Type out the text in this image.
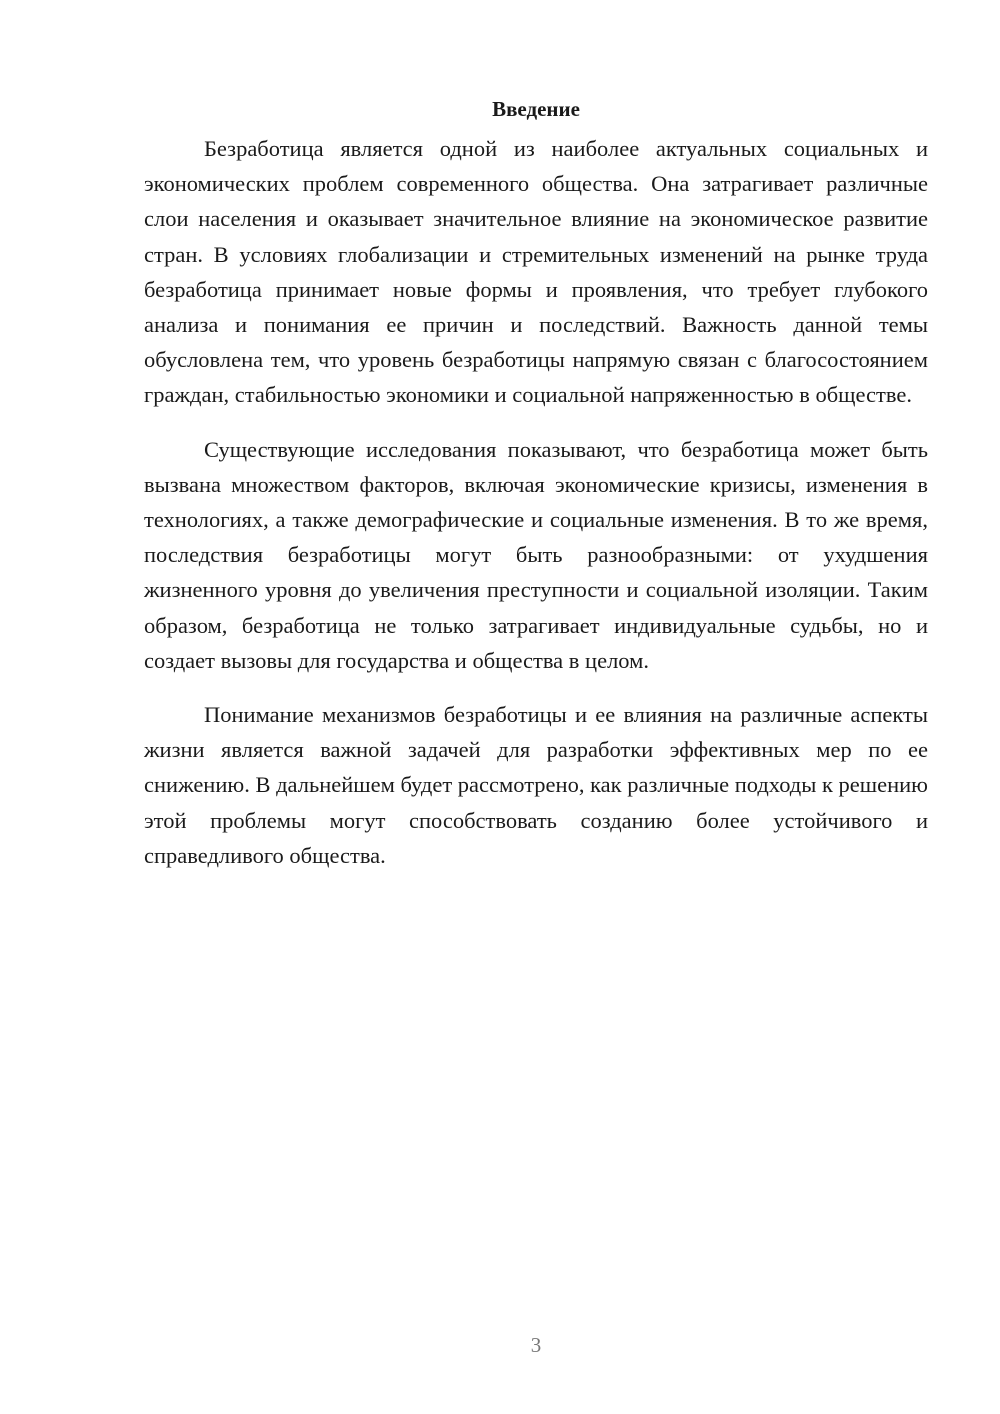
Введение

Безработица является одной из наиболее актуальных социальных и экономических проблем современного общества. Она затрагивает различные слои населения и оказывает значительное влияние на экономическое развитие стран. В условиях глобализации и стремительных изменений на рынке труда безработица принимает новые формы и проявления, что требует глубокого анализа и понимания ее причин и последствий. Важность данной темы обусловлена тем, что уровень безработицы напрямую связан с благосостоянием граждан, стабильностью экономики и социальной напряженностью в обществе.

Существующие исследования показывают, что безработица может быть вызвана множеством факторов, включая экономические кризисы, изменения в технологиях, а также демографические и социальные изменения. В то же время, последствия безработицы могут быть разнообразными: от ухудшения жизненного уровня до увеличения преступности и социальной изоляции. Таким образом, безработица не только затрагивает индивидуальные судьбы, но и создает вызовы для государства и общества в целом.

Понимание механизмов безработицы и ее влияния на различные аспекты жизни является важной задачей для разработки эффективных мер по ее снижению. В дальнейшем будет рассмотрено, как различные подходы к решению этой проблемы могут способствовать созданию более устойчивого и справедливого общества.

3
